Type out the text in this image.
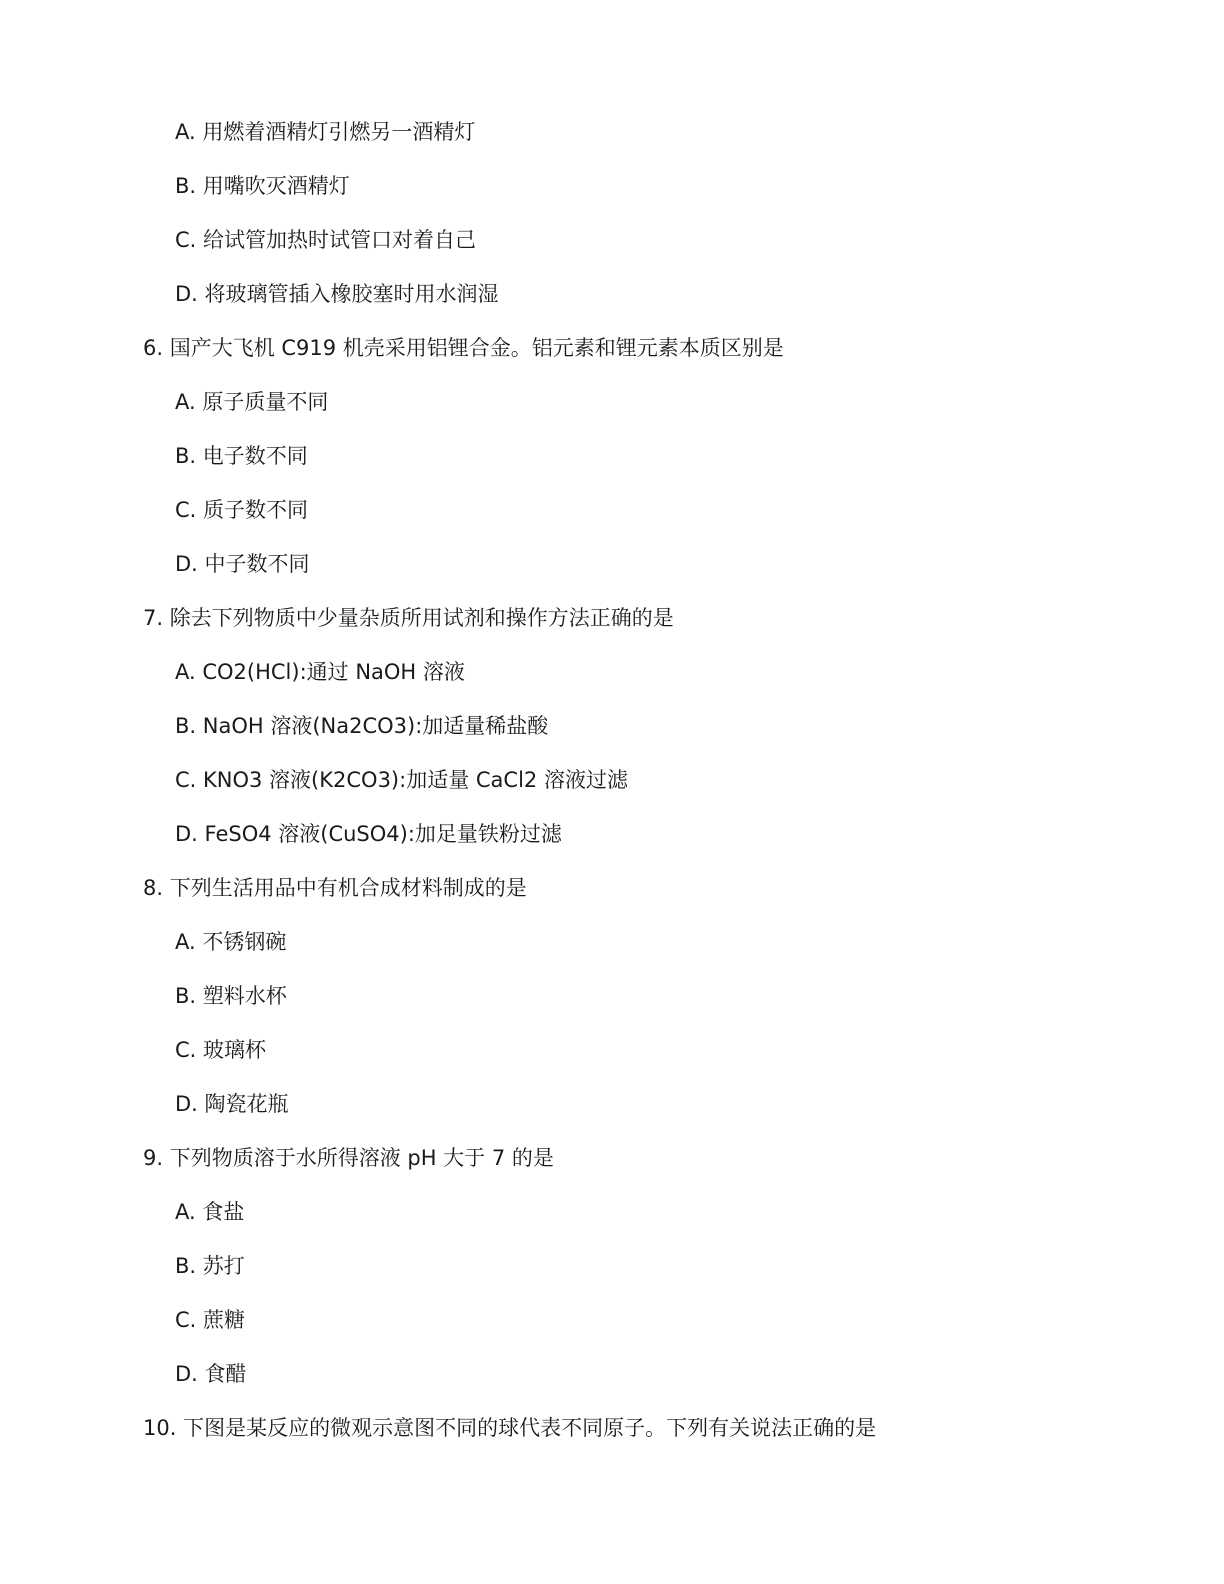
A. 用燃着酒精灯引燃另一酒精灯
B. 用嘴吹灭酒精灯
C. 给试管加热时试管口对着自己
D. 将玻璃管插入橡胶塞时用水润湿
6. 国产大飞机 C919 机壳采用铝锂合金。铝元素和锂元素本质区别是
A. 原子质量不同
B. 电子数不同
C. 质子数不同
D. 中子数不同
7. 除去下列物质中少量杂质所用试剂和操作方法正确的是
A. CO2(HCl):通过 NaOH 溶液
B. NaOH 溶液(Na2CO3):加适量稀盐酸
C. KNO3 溶液(K2CO3):加适量 CaCl2 溶液过滤
D. FeSO4 溶液(CuSO4):加足量铁粉过滤
8. 下列生活用品中有机合成材料制成的是
A. 不锈钢碗
B. 塑料水杯
C. 玻璃杯
D. 陶瓷花瓶
9. 下列物质溶于水所得溶液 pH 大于 7 的是
A. 食盐
B. 苏打
C. 蔗糖
D. 食醋
10. 下图是某反应的微观示意图不同的球代表不同原子。下列有关说法正确的是
